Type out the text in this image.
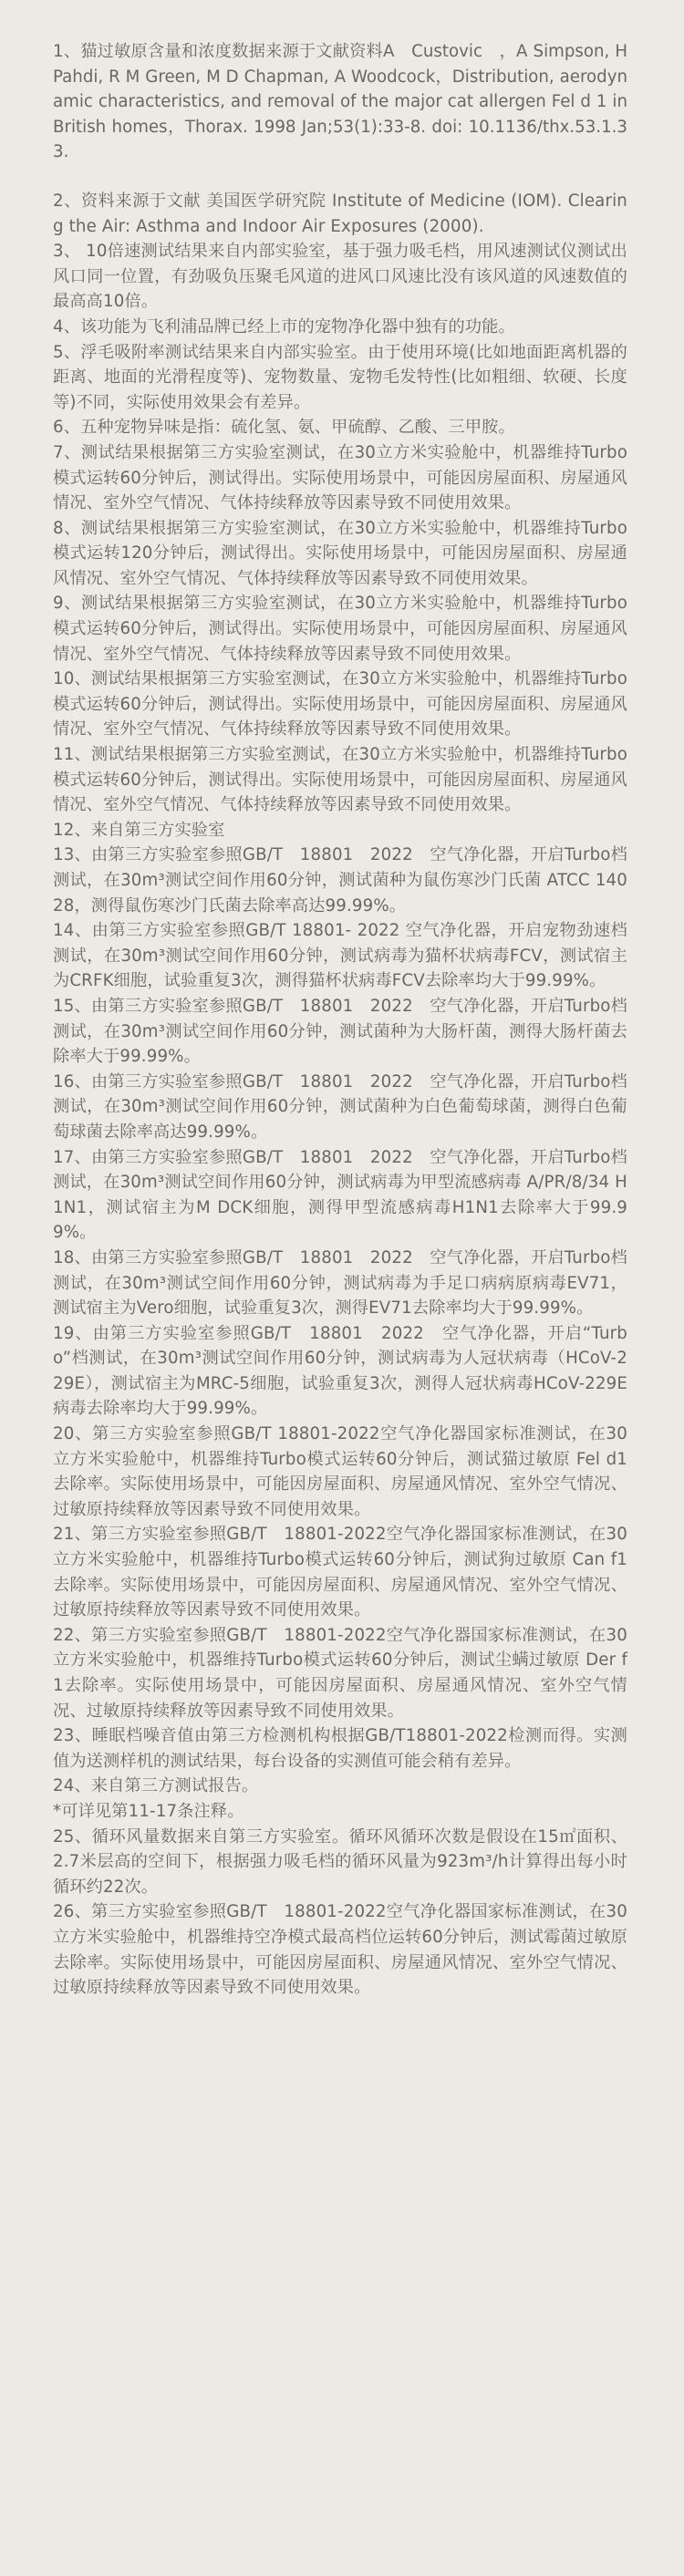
1、猫过敏原含量和浓度数据来源于文献资料A　Custovic　，A Simpson, H Pahdi, R M Green, M D Chapman, A Woodcock，Distribution, aerodynamic characteristics, and removal of the major cat allergen Fel d 1 in British homes，Thorax. 1998 Jan;53(1):33-8. doi: 10.1136/thx.53.1.33.

2、资料来源于文献 美国医学研究院 Institute of Medicine (IOM). Clearing the Air: Asthma and Indoor Air Exposures (2000).

3、 10倍速测试结果来自内部实验室，基于强力吸毛档，用风速测试仪测试出风口同一位置，有劲吸负压聚毛风道的进风口风速比没有该风道的风速数值的最高高10倍。

4、该功能为飞利浦品牌已经上市的宠物净化器中独有的功能。

5、浮毛吸附率测试结果来自内部实验室。由于使用环境(比如地面距离机器的距离、地面的光滑程度等)、宠物数量、宠物毛发特性(比如粗细、软硬、长度等)不同，实际使用效果会有差异。

6、五种宠物异味是指：硫化氢、氨、甲硫醇、乙酸、三甲胺。

7、测试结果根据第三方实验室测试，在30立方米实验舱中，机器维持Turbo模式运转60分钟后，测试得出。实际使用场景中，可能因房屋面积、房屋通风情况、室外空气情况、气体持续释放等因素导致不同使用效果。

8、测试结果根据第三方实验室测试，在30立方米实验舱中，机器维持Turbo模式运转120分钟后，测试得出。实际使用场景中，可能因房屋面积、房屋通风情况、室外空气情况、气体持续释放等因素导致不同使用效果。

9、测试结果根据第三方实验室测试，在30立方米实验舱中，机器维持Turbo模式运转60分钟后，测试得出。实际使用场景中，可能因房屋面积、房屋通风情况、室外空气情况、气体持续释放等因素导致不同使用效果。

10、测试结果根据第三方实验室测试，在30立方米实验舱中，机器维持Turbo模式运转60分钟后，测试得出。实际使用场景中，可能因房屋面积、房屋通风情况、室外空气情况、气体持续释放等因素导致不同使用效果。

11、测试结果根据第三方实验室测试，在30立方米实验舱中，机器维持Turbo模式运转60分钟后，测试得出。实际使用场景中，可能因房屋面积、房屋通风情况、室外空气情况、气体持续释放等因素导致不同使用效果。

12、来自第三方实验室

13、由第三方实验室参照GB/T　18801　2022　空气净化器，开启Turbo档测试，在30m³测试空间作用60分钟，测试菌种为鼠伤寒沙门氏菌 ATCC 14028，测得鼠伤寒沙门氏菌去除率高达99.99%。

14、由第三方实验室参照GB/T 18801- 2022 空气净化器，开启宠物劲速档测试，在30m³测试空间作用60分钟，测试病毒为猫杯状病毒FCV，测试宿主为CRFK细胞，试验重复3次，测得猫杯状病毒FCV去除率均大于99.99%。

15、由第三方实验室参照GB/T　18801　2022　空气净化器，开启Turbo档测试，在30m³测试空间作用60分钟，测试菌种为大肠杆菌，测得大肠杆菌去除率大于99.99%。

16、由第三方实验室参照GB/T　18801　2022　空气净化器，开启Turbo档测试，在30m³测试空间作用60分钟，测试菌种为白色葡萄球菌，测得白色葡萄球菌去除率高达99.99%。

17、由第三方实验室参照GB/T　18801　2022　空气净化器，开启Turbo档测试，在30m³测试空间作用60分钟，测试病毒为甲型流感病毒 A/PR/8/34 H1N1，测试宿主为M DCK细胞，测得甲型流感病毒H1N1去除率大于99.99%。

18、由第三方实验室参照GB/T　18801　2022　空气净化器，开启Turbo档测试，在30m³测试空间作用60分钟，测试病毒为手足口病病原病毒EV71，测试宿主为Vero细胞，试验重复3次，测得EV71去除率均大于99.99%。

19、由第三方实验室参照GB/T　18801　2022　空气净化器，开启“Turbo”档测试，在30m³测试空间作用60分钟，测试病毒为人冠状病毒（HCoV-229E），测试宿主为MRC-5细胞，试验重复3次，测得人冠状病毒HCoV-229E病毒去除率均大于99.99%。

20、第三方实验室参照GB/T 18801-2022空气净化器国家标准测试，在30立方米实验舱中，机器维持Turbo模式运转60分钟后，测试猫过敏原 Fel d1去除率。实际使用场景中，可能因房屋面积、房屋通风情况、室外空气情况、过敏原持续释放等因素导致不同使用效果。

21、第三方实验室参照GB/T　18801-2022空气净化器国家标准测试，在30立方米实验舱中，机器维持Turbo模式运转60分钟后，测试狗过敏原 Can f1去除率。实际使用场景中，可能因房屋面积、房屋通风情况、室外空气情况、过敏原持续释放等因素导致不同使用效果。

22、第三方实验室参照GB/T　18801-2022空气净化器国家标准测试，在30立方米实验舱中，机器维持Turbo模式运转60分钟后，测试尘螨过敏原 Der f1去除率。实际使用场景中，可能因房屋面积、房屋通风情况、室外空气情况、过敏原持续释放等因素导致不同使用效果。

23、睡眠档噪音值由第三方检测机构根据GB/T18801-2022检测而得。实测值为送测样机的测试结果，每台设备的实测值可能会稍有差异。

24、来自第三方测试报告。

*可详见第11-17条注释。

25、循环风量数据来自第三方实验室。循环风循环次数是假设在15㎡面积、2.7米层高的空间下，根据强力吸毛档的循环风量为923m³/h计算得出每小时循环约22次。

26、第三方实验室参照GB/T　18801-2022空气净化器国家标准测试，在30立方米实验舱中，机器维持空净模式最高档位运转60分钟后，测试霉菌过敏原去除率。实际使用场景中，可能因房屋面积、房屋通风情况、室外空气情况、过敏原持续释放等因素导致不同使用效果。
